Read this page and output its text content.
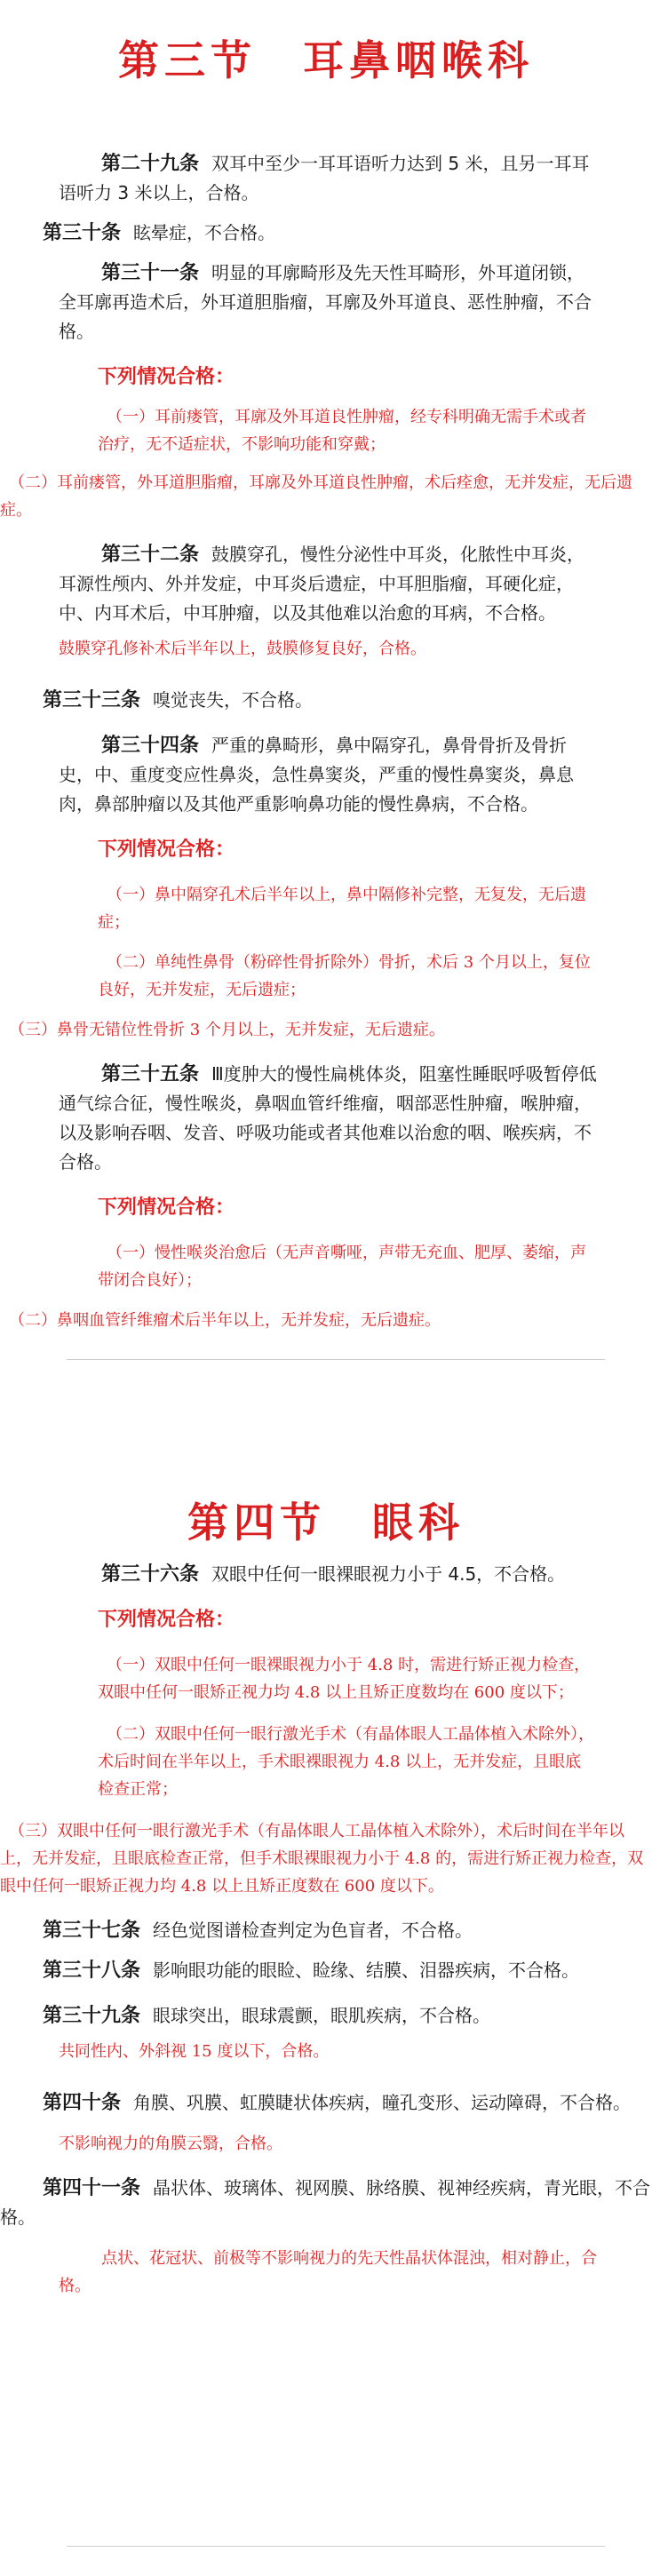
第三节　耳鼻咽喉科

第二十九条 双耳中至少一耳耳语听力达到 5 米，且另一耳耳语听力 3 米以上，合格。

第三十条 眩晕症，不合格。

第三十一条 明显的耳廓畸形及先天性耳畸形，外耳道闭锁，全耳廓再造术后，外耳道胆脂瘤，耳廓及外耳道良、恶性肿瘤，不合格。

下列情况合格：

（一）耳前瘘管，耳廓及外耳道良性肿瘤，经专科明确无需手术或者治疗，无不适症状，不影响功能和穿戴；

（二）耳前瘘管，外耳道胆脂瘤，耳廓及外耳道良性肿瘤，术后痊愈，无并发症，无后遗症。

第三十二条 鼓膜穿孔，慢性分泌性中耳炎，化脓性中耳炎，耳源性颅内、外并发症，中耳炎后遗症，中耳胆脂瘤，耳硬化症，中、内耳术后，中耳肿瘤，以及其他难以治愈的耳病，不合格。

鼓膜穿孔修补术后半年以上，鼓膜修复良好，合格。

第三十三条 嗅觉丧失，不合格。

第三十四条 严重的鼻畸形，鼻中隔穿孔，鼻骨骨折及骨折史，中、重度变应性鼻炎，急性鼻窦炎，严重的慢性鼻窦炎，鼻息肉，鼻部肿瘤以及其他严重影响鼻功能的慢性鼻病，不合格。

下列情况合格：

（一）鼻中隔穿孔术后半年以上，鼻中隔修补完整，无复发，无后遗症；

（二）单纯性鼻骨（粉碎性骨折除外）骨折，术后 3 个月以上，复位良好，无并发症，无后遗症；

（三）鼻骨无错位性骨折 3 个月以上，无并发症，无后遗症。

第三十五条 Ⅲ度肿大的慢性扁桃体炎，阻塞性睡眠呼吸暂停低通气综合征，慢性喉炎，鼻咽血管纤维瘤，咽部恶性肿瘤，喉肿瘤，以及影响吞咽、发音、呼吸功能或者其他难以治愈的咽、喉疾病，不合格。

下列情况合格：

（一）慢性喉炎治愈后（无声音嘶哑，声带无充血、肥厚、萎缩，声带闭合良好）；

（二）鼻咽血管纤维瘤术后半年以上，无并发症，无后遗症。

第四节　眼科

第三十六条 双眼中任何一眼裸眼视力小于 4.5，不合格。

下列情况合格：

（一）双眼中任何一眼裸眼视力小于 4.8 时，需进行矫正视力检查，双眼中任何一眼矫正视力均 4.8 以上且矫正度数均在 600 度以下；

（二）双眼中任何一眼行激光手术（有晶体眼人工晶体植入术除外），术后时间在半年以上，手术眼裸眼视力 4.8 以上，无并发症，且眼底检查正常；

（三）双眼中任何一眼行激光手术（有晶体眼人工晶体植入术除外），术后时间在半年以上，无并发症，且眼底检查正常，但手术眼裸眼视力小于 4.8 的，需进行矫正视力检查，双眼中任何一眼矫正视力均 4.8 以上且矫正度数在 600 度以下。

第三十七条 经色觉图谱检查判定为色盲者，不合格。

第三十八条 影响眼功能的眼睑、睑缘、结膜、泪器疾病，不合格。

第三十九条 眼球突出，眼球震颤，眼肌疾病，不合格。

共同性内、外斜视 15 度以下，合格。

第四十条 角膜、巩膜、虹膜睫状体疾病，瞳孔变形、运动障碍，不合格。

不影响视力的角膜云翳，合格。

第四十一条 晶状体、玻璃体、视网膜、脉络膜、视神经疾病，青光眼，不合格。

点状、花冠状、前极等不影响视力的先天性晶状体混浊，相对静止，合格。
